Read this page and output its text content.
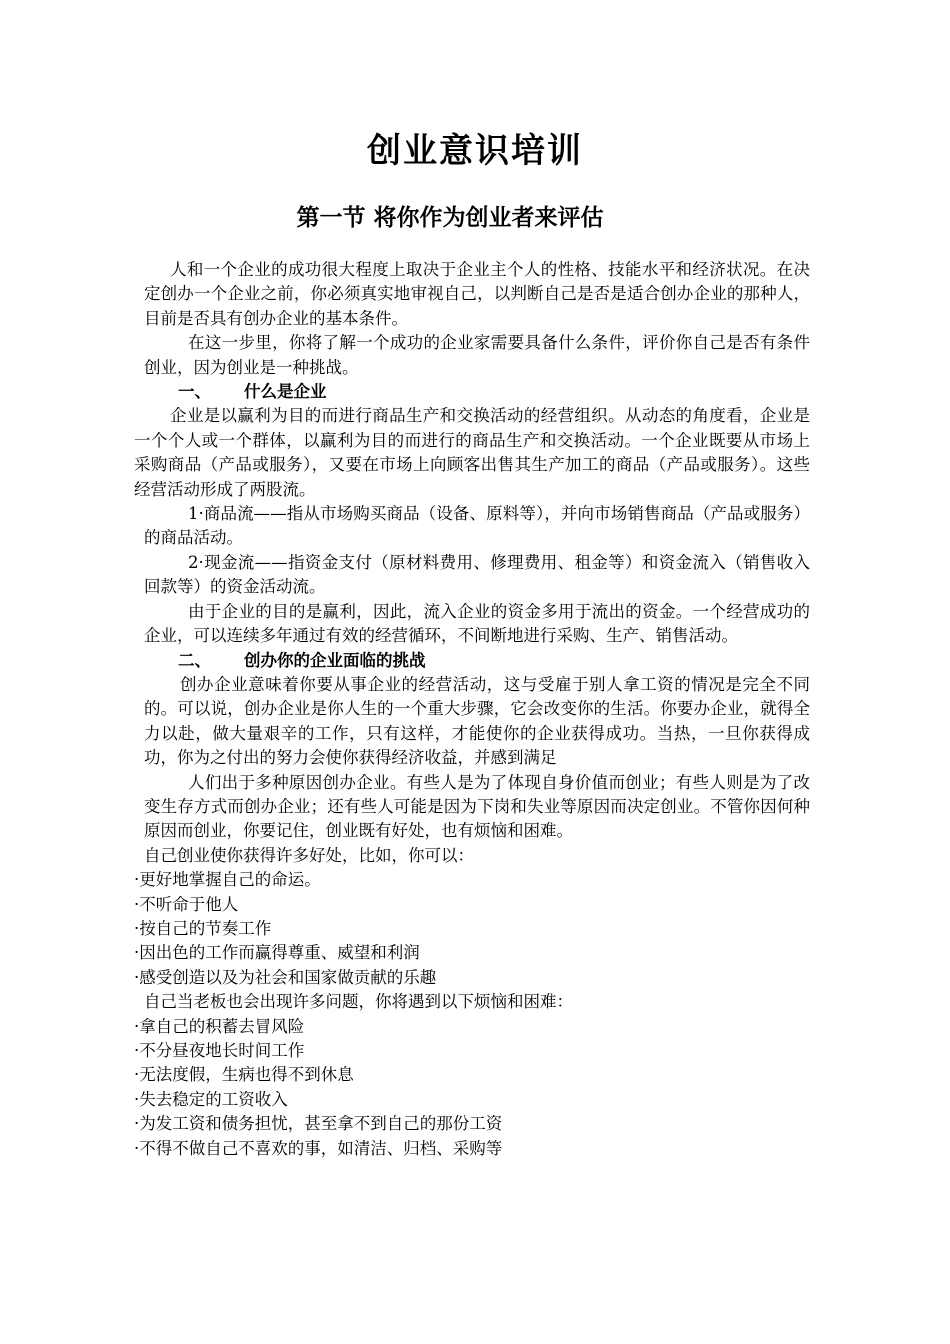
创业意识培训
第一节 将你作为创业者来评估

人和一个企业的成功很大程度上取决于企业主个人的性格、技能水平和经济状况。在决定创办一个企业之前，你必须真实地审视自己，以判断自己是否是适合创办企业的那种人，目前是否具有创办企业的基本条件。

在这一步里，你将了解一个成功的企业家需要具备什么条件，评价你自己是否有条件创业，因为创业是一种挑战。

一、 什么是企业

企业是以赢利为目的而进行商品生产和交换活动的经营组织。从动态的角度看，企业是一个个人或一个群体，以赢利为目的而进行的商品生产和交换活动。一个企业既要从市场上采购商品（产品或服务），又要在市场上向顾客出售其生产加工的商品（产品或服务）。这些经营活动形成了两股流。

1·商品流——指从市场购买商品（设备、原料等），并向市场销售商品（产品或服务）的商品活动。

2·现金流——指资金支付（原材料费用、修理费用、租金等）和资金流入（销售收入回款等）的资金活动流。

由于企业的目的是赢利，因此，流入企业的资金多用于流出的资金。一个经营成功的企业，可以连续多年通过有效的经营循环，不间断地进行采购、生产、销售活动。

二、 创办你的企业面临的挑战

创办企业意味着你要从事企业的经营活动，这与受雇于别人拿工资的情况是完全不同的。可以说，创办企业是你人生的一个重大步骤，它会改变你的生活。你要办企业，就得全力以赴，做大量艰辛的工作，只有这样，才能使你的企业获得成功。当热，一旦你获得成功，你为之付出的努力会使你获得经济收益，并感到满足

人们出于多种原因创办企业。有些人是为了体现自身价值而创业；有些人则是为了改变生存方式而创办企业；还有些人可能是因为下岗和失业等原因而决定创业。不管你因何种原因而创业，你要记住，创业既有好处，也有烦恼和困难。

自己创业使你获得许多好处，比如，你可以：

·更好地掌握自己的命运。

·不听命于他人

·按自己的节奏工作

·因出色的工作而赢得尊重、威望和利润

·感受创造以及为社会和国家做贡献的乐趣

自己当老板也会出现许多问题，你将遇到以下烦恼和困难：

·拿自己的积蓄去冒风险

·不分昼夜地长时间工作

·无法度假，生病也得不到休息

·失去稳定的工资收入

·为发工资和债务担忧，甚至拿不到自己的那份工资

·不得不做自己不喜欢的事，如清洁、归档、采购等
